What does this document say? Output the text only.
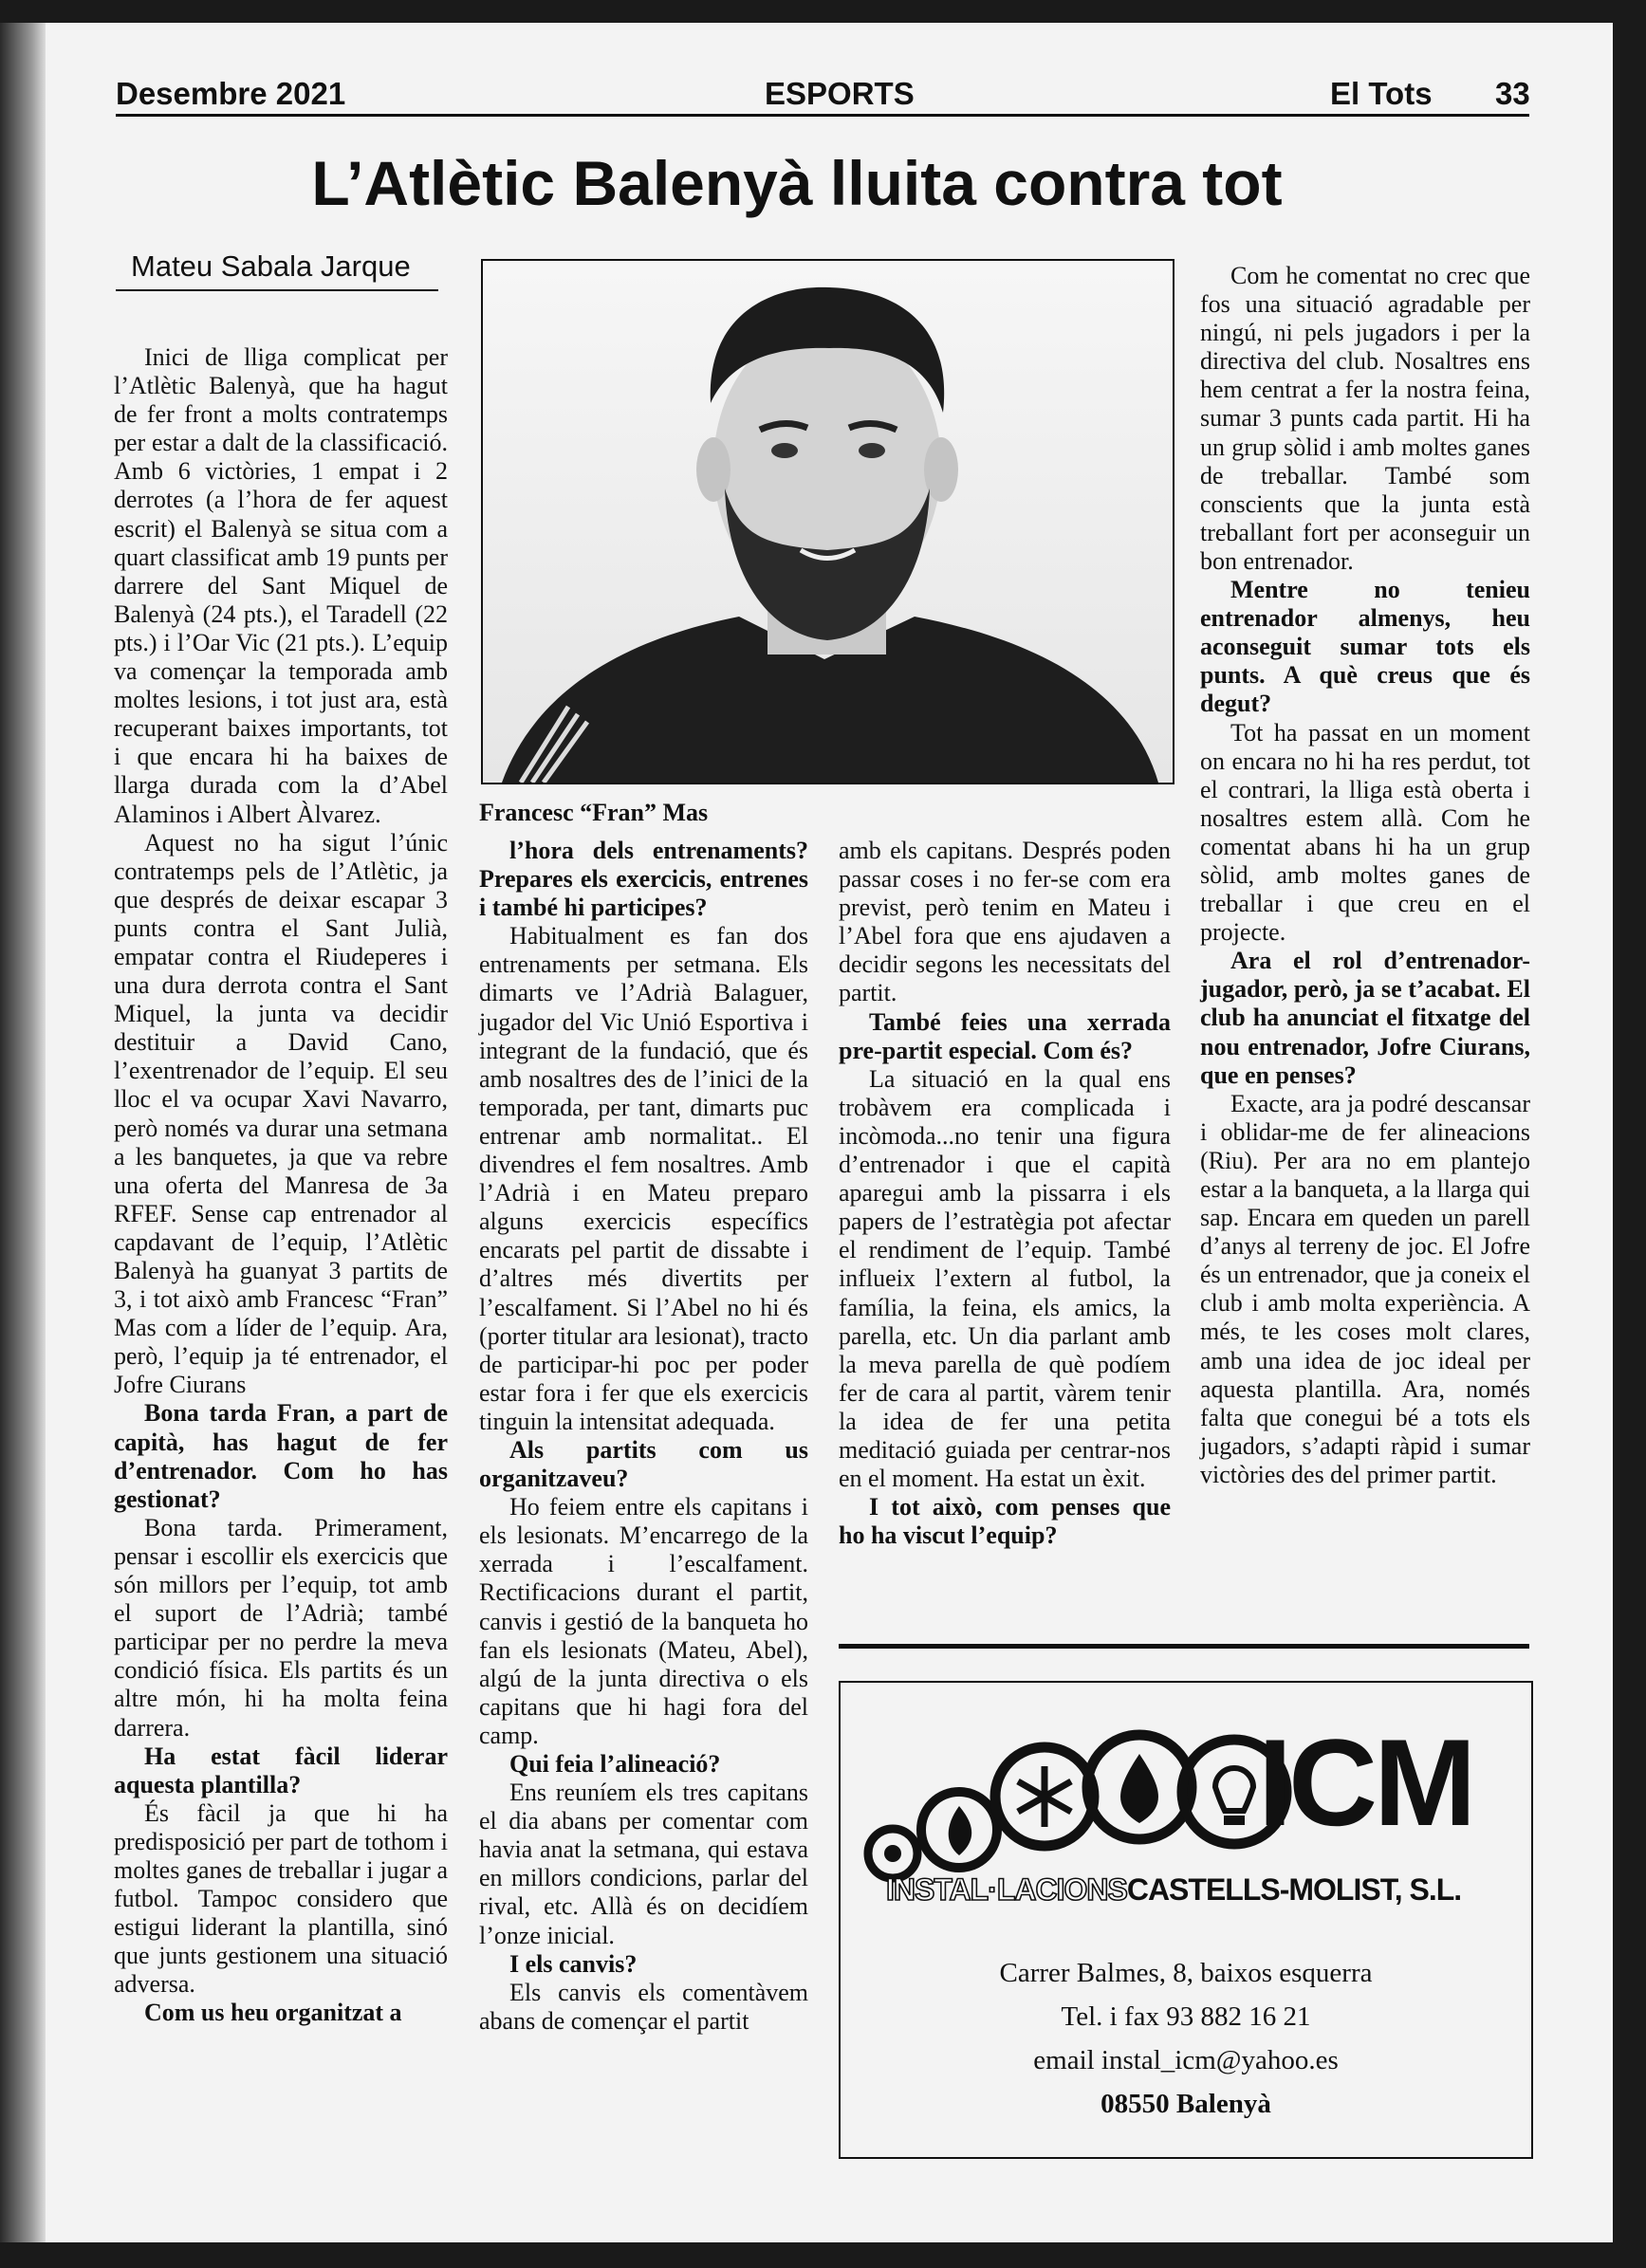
Desembre 2021	ESPORTS	El Tots 33
L’Atlètic Balenyà lluita contra tot
Mateu Sabala Jarque
Francesc “Fran” Mas

Inici de lliga complicat per l’Atlètic Balenyà, que ha hagut de fer front a molts contratemps per estar a dalt de la classificació. Amb 6 victòries, 1 empat i 2 derrotes (a l’hora de fer aquest escrit) el Balenyà se situa com a quart classificat amb 19 punts per darrere del Sant Miquel de Balenyà (24 pts.), el Taradell (22 pts.) i l’Oar Vic (21 pts.). L’equip va començar la temporada amb moltes lesions, i tot just ara, està recuperant baixes importants, tot i que encara hi ha baixes de llarga durada com la d’Abel Alaminos i Albert Àlvarez.

Aquest no ha sigut l’únic contratemps pels de l’Atlètic, ja que després de deixar escapar 3 punts contra el Sant Julià, empatar contra el Riudeperes i una dura derrota contra el Sant Miquel, la junta va decidir destituir a David Cano, l’exentrenador de l’equip. El seu lloc el va ocupar Xavi Navarro, però només va durar una setmana a les banquetes, ja que va rebre una oferta del Manresa de 3a RFEF. Sense cap entrenador al capdavant de l’equip, l’Atlètic Balenyà ha guanyat 3 partits de 3, i tot això amb Francesc “Fran” Mas com a líder de l’equip. Ara, però, l’equip ja té entrenador, el Jofre Ciurans

Bona tarda Fran, a part de capità, has hagut de fer d’entrenador. Com ho has gestionat?

Bona tarda. Primerament, pensar i escollir els exercicis que són millors per l’equip, tot amb el suport de l’Adrià; també participar per no perdre la meva condició física. Els partits és un altre món, hi ha molta feina darrera.

Ha estat fàcil liderar aquesta plantilla?

És fàcil ja que hi ha predisposició per part de tothom i moltes ganes de treballar i jugar a futbol. Tampoc considero que estigui liderant la plantilla, sinó que junts gestionem una situació adversa.

Com us heu organitzat a

l’hora dels entrenaments? Prepares els exercicis, entrenes i també hi participes?

Habitualment es fan dos entrenaments per setmana. Els dimarts ve l’Adrià Balaguer, jugador del Vic Unió Esportiva i integrant de la fundació, que és amb nosaltres des de l’inici de la temporada, per tant, dimarts puc entrenar amb normalitat.. El divendres el fem nosaltres. Amb l’Adrià i en Mateu preparo alguns exercicis específics encarats pel partit de dissabte i d’altres més divertits per l’escalfament. Si l’Abel no hi és (porter titular ara lesionat), tracto de participar-hi poc per poder estar fora i fer que els exercicis tinguin la intensitat adequada.

Als partits com us organitzaveu?

Ho feiem entre els capitans i els lesionats. M’encarrego de la xerrada i l’escalfament. Rectificacions durant el partit, canvis i gestió de la banqueta ho fan els lesionats (Mateu, Abel), algú de la junta directiva o els capitans que hi hagi fora del camp.

Qui feia l’alineació?

Ens reuníem els tres capitans el dia abans per comentar com havia anat la setmana, qui estava en millors condicions, parlar del rival, etc. Allà és on decidíem l’onze inicial.

I els canvis?

Els canvis els comentàvem abans de començar el partit

amb els capitans. Després poden passar coses i no fer-se com era previst, però tenim en Mateu i l’Abel fora que ens ajudaven a decidir segons les necessitats del partit.

També feies una xerrada pre-partit especial. Com és?

La situació en la qual ens trobàvem era complicada i incòmoda...no tenir una figura d’entrenador i que el capità aparegui amb la pissarra i els papers de l’estratègia pot afectar el rendiment de l’equip. També influeix l’extern al futbol, la família, la feina, els amics, la parella, etc. Un dia parlant amb la meva parella de què podíem fer de cara al partit, vàrem tenir la idea de fer una petita meditació guiada per centrar-nos en el moment. Ha estat un èxit.

I tot això, com penses que ho ha viscut l’equip?

Com he comentat no crec que fos una situació agradable per ningú, ni pels jugadors i per la directiva del club. Nosaltres ens hem centrat a fer la nostra feina, sumar 3 punts cada partit. Hi ha un grup sòlid i amb moltes ganes de treballar. També som conscients que la junta està treballant fort per aconseguir un bon entrenador.

Mentre no tenieu entrenador almenys, heu aconseguit sumar tots els punts. A què creus que és degut?

Tot ha passat en un moment on encara no hi ha res perdut, tot el contrari, la lliga està oberta i nosaltres estem allà. Com he comentat abans hi ha un grup sòlid, amb moltes ganes de treballar i que creu en el projecte.

Ara el rol d’entrenador-jugador, però, ja se t’acabat. El club ha anunciat el fitxatge del nou entrenador, Jofre Ciurans, que en penses?

Exacte, ara ja podré descansar i oblidar-me de fer alineacions (Riu). Per ara no em plantejo estar a la banqueta, a la llarga qui sap. Encara em queden un parell d’anys al terreny de joc. El Jofre és un entrenador, que ja coneix el club i amb molta experiència. A més, te les coses molt clares, amb una idea de joc ideal per aquesta plantilla. Ara, només falta que conegui bé a tots els jugadors, s’adapti ràpid i sumar victòries des del primer partit.

ICM
INSTAL·LACIONSCASTELLS-MOLIST, S.L.
Carrer Balmes, 8, baixos esquerra
Tel. i fax 93 882 16 21
email instal_icm@yahoo.es
08550 Balenyà
